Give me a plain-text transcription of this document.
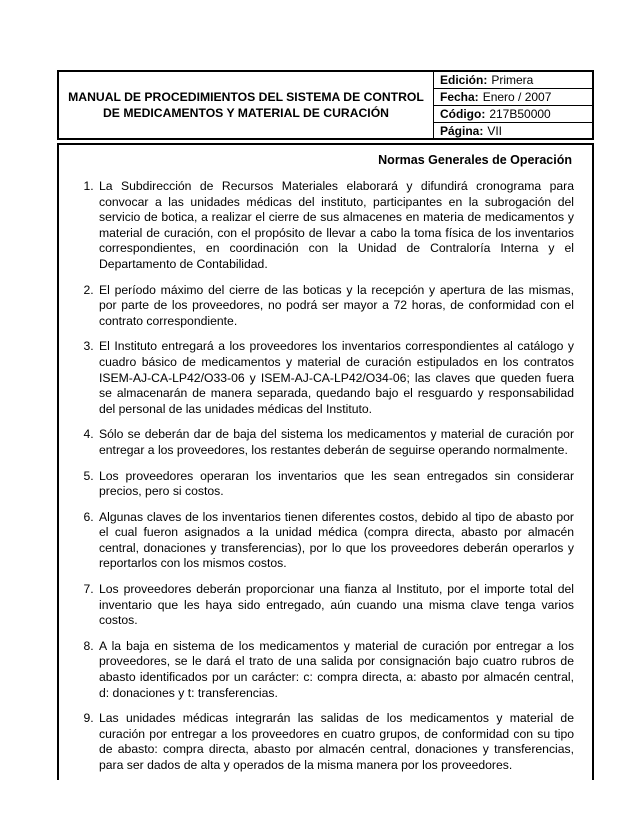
MANUAL DE PROCEDIMIENTOS DEL SISTEMA DE CONTROL DE MEDICAMENTOS Y MATERIAL DE CURACIÓN
Edición: Primera
Fecha: Enero / 2007
Código: 217B50000
Página: VII
Normas Generales de Operación
1. La Subdirección de Recursos Materiales elaborará y difundirá cronograma para convocar a las unidades médicas del instituto, participantes en la subrogación del servicio de botica, a realizar el cierre de sus almacenes en materia de medicamentos y material de curación, con el propósito de llevar a cabo la toma física de los inventarios correspondientes, en coordinación con la Unidad de Contraloría Interna y el Departamento de Contabilidad.
2. El período máximo del cierre de las boticas y la recepción y apertura de las mismas, por parte de los proveedores, no podrá ser mayor a 72 horas, de conformidad con el contrato correspondiente.
3. El Instituto entregará a los proveedores los inventarios correspondientes al catálogo y cuadro básico de medicamentos y material de curación estipulados en los contratos ISEM-AJ-CA-LP42/O33-06 y ISEM-AJ-CA-LP42/O34-06; las claves que queden fuera se almacenarán de manera separada, quedando bajo el resguardo y responsabilidad del personal de las unidades médicas del Instituto.
4. Sólo se deberán dar de baja del sistema los medicamentos y material de curación por entregar a los proveedores, los restantes deberán de seguirse operando normalmente.
5. Los proveedores operaran los inventarios que les sean entregados sin considerar precios, pero si costos.
6. Algunas claves de los inventarios tienen diferentes costos, debido al tipo de abasto por el cual fueron asignados a la unidad médica (compra directa, abasto por almacén central, donaciones y transferencias), por lo que los proveedores deberán operarlos y reportarlos con los mismos costos.
7. Los proveedores deberán proporcionar una fianza al Instituto, por el importe total del inventario que les haya sido entregado, aún cuando una misma clave tenga varios costos.
8. A la baja en sistema de los medicamentos y material de curación por entregar a los proveedores, se le dará el trato de una salida por consignación bajo cuatro rubros de abasto identificados por un carácter: c: compra directa, a: abasto por almacén central, d: donaciones y t: transferencias.
9. Las unidades médicas integrarán las salidas de los medicamentos y material de curación por entregar a los proveedores en cuatro grupos, de conformidad con su tipo de abasto: compra directa, abasto por almacén central, donaciones y transferencias, para ser dados de alta y operados de la misma manera por los proveedores.
